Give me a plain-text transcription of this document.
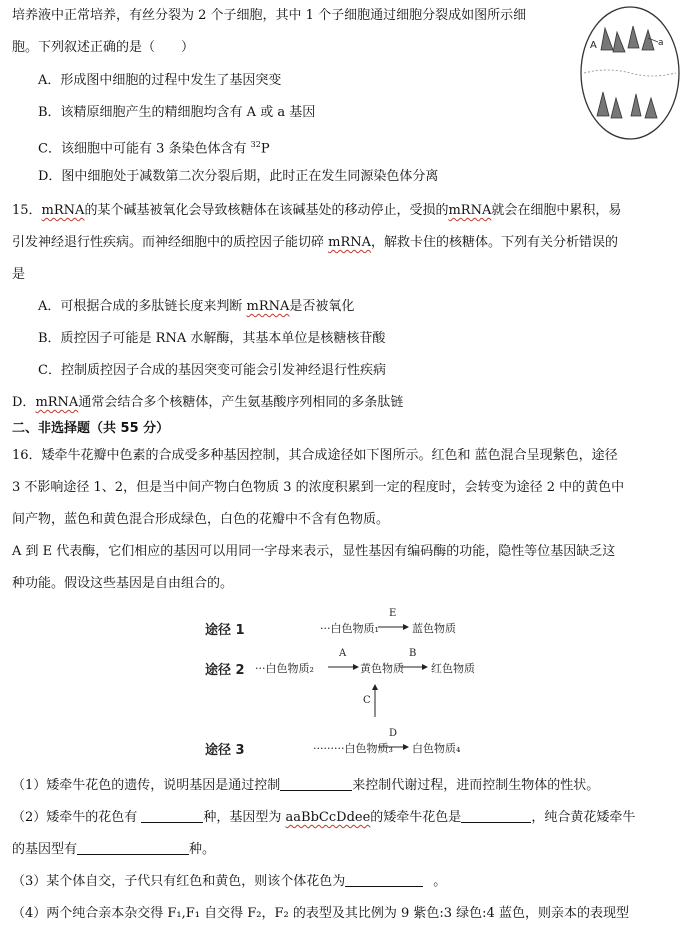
培养液中正常培养，有丝分裂为 2 个子细胞，其中 1 个子细胞通过细胞分裂成如图所示细
胞。下列叙述正确的是（　　）
A．形成图中细胞的过程中发生了基因突变
B．该精原细胞产生的精细胞均含有 A 或 a 基因
C．该细胞中可能有 3 条染色体含有 $^{32}$P
D．图中细胞处于减数第二次分裂后期，此时正在发生同源染色体分离
A	a
15．mRNA的某个碱基被氧化会导致核糖体在该碱基处的移动停止，受损的mRNA就会在细胞中累积，易
引发神经退行性疾病。而神经细胞中的质控因子能切碎 mRNA，解救卡住的核糖体。下列有关分析错误的
是
A．可根据合成的多肽链长度来判断 mRNA是否被氧化
B．质控因子可能是 RNA 水解酶，其基本单位是核糖核苷酸
C．控制质控因子合成的基因突变可能会引发神经退行性疾病
D．mRNA通常会结合多个核糖体，产生氨基酸序列相同的多条肽链
二、非选择题（共 55 分）
16．矮牵牛花瓣中色素的合成受多种基因控制，其合成途径如下图所示。红色和 蓝色混合呈现紫色，途径
3 不影响途径 1、2，但是当中间产物白色物质 3 的浓度积累到一定的程度时，会转变为途径 2 中的黄色中
间产物，蓝色和黄色混合形成绿色，白色的花瓣中不含有色物质。
A 到 E 代表酶，它们相应的基因可以用同一字母来表示，显性基因有编码酶的功能，隐性等位基因缺乏这
种功能。假设这些基因是自由组合的。
途径 1	···白色物质₁
E
蓝色物质
途径 2 ···白色物质₂
A
黄色物质
B
红色物质
C
途径 3	·········白色物质₃
D
白色物质₄
（1）矮牵牛花色的遗传，说明基因是通过控制	来控制代谢过程，进而控制生物体的性状。
（2）矮牵牛的花色有	种，基因型为 aaBbCcDdee的矮牵牛花色是	，纯合黄花矮牵牛
的基因型有	种。
（3）某个体自交，子代只有红色和黄色，则该个体花色为	。
（4）两个纯合亲本杂交得 F₁,F₁ 自交得 F₂，F₂ 的表型及其比例为 9 紫色:3 绿色:4 蓝色，则亲本的表现型
